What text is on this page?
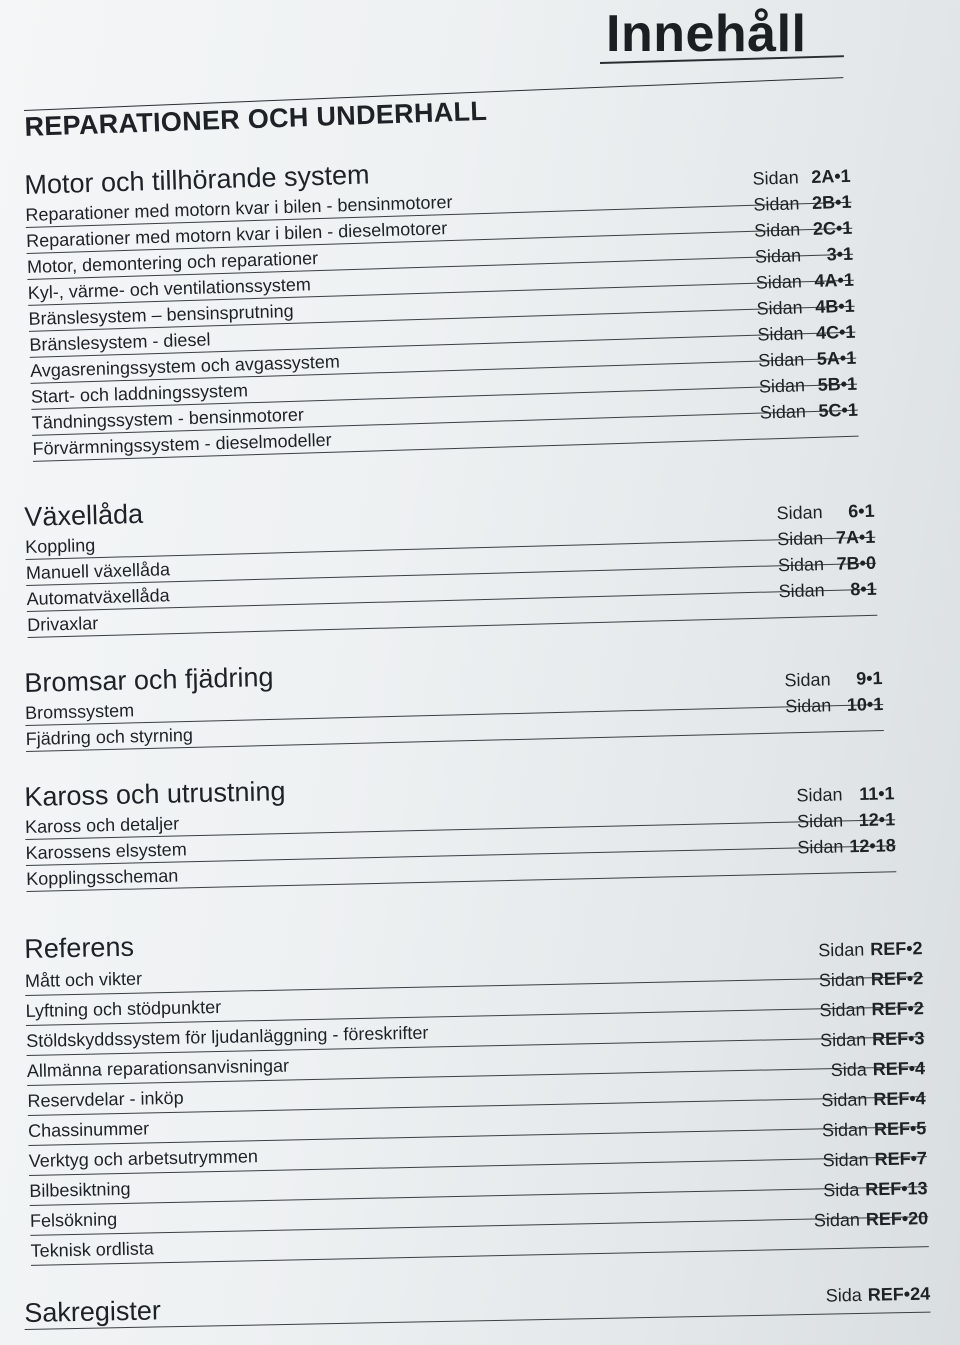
Innehåll
REPARATIONER OCH UNDERHALL
Motor och tillhörande system
Reparationer med motorn kvar i bilen - bensinmotorer
Sidan 2A•1
Reparationer med motorn kvar i bilen - dieselmotorer
Sidan 2B•1
Motor, demontering och reparationer
Sidan 2C•1
Kyl-, värme- och ventilationssystem
Sidan 3•1
Bränslesystem – bensinsprutning
Sidan 4A•1
Bränslesystem - diesel
Sidan 4B•1
Avgasreningssystem och avgassystem
Sidan 4C•1
Start- och laddningssystem
Sidan 5A•1
Tändningssystem - bensinmotorer
Sidan 5B•1
Förvärmningssystem - dieselmodeller
Sidan 5C•1
Växellåda
Koppling
Sidan 6•1
Manuell växellåda
Sidan 7A•1
Automatväxellåda
Sidan 7B•0
Drivaxlar
Sidan 8•1
Bromsar och fjädring
Bromssystem
Sidan 9•1
Fjädring och styrning
Sidan 10•1
Kaross och utrustning
Kaross och detaljer
Sidan 11•1
Karossens elsystem
Sidan 12•1
Kopplingsscheman
Sidan 12•18
Referens
Mått och vikter
Sidan REF•2
Lyftning och stödpunkter
Sidan REF•2
Stöldskyddssystem för ljudanläggning - föreskrifter
Sidan REF•2
Allmänna reparationsanvisningar
Sidan REF•3
Reservdelar - inköp
Sida REF•4
Chassinummer
Sidan REF•4
Verktyg och arbetsutrymmen
Sidan REF•5
Bilbesiktning
Sidan REF•7
Felsökning
Sida REF•13
Teknisk ordlista
Sidan REF•20
Sakregister
Sida REF•24
